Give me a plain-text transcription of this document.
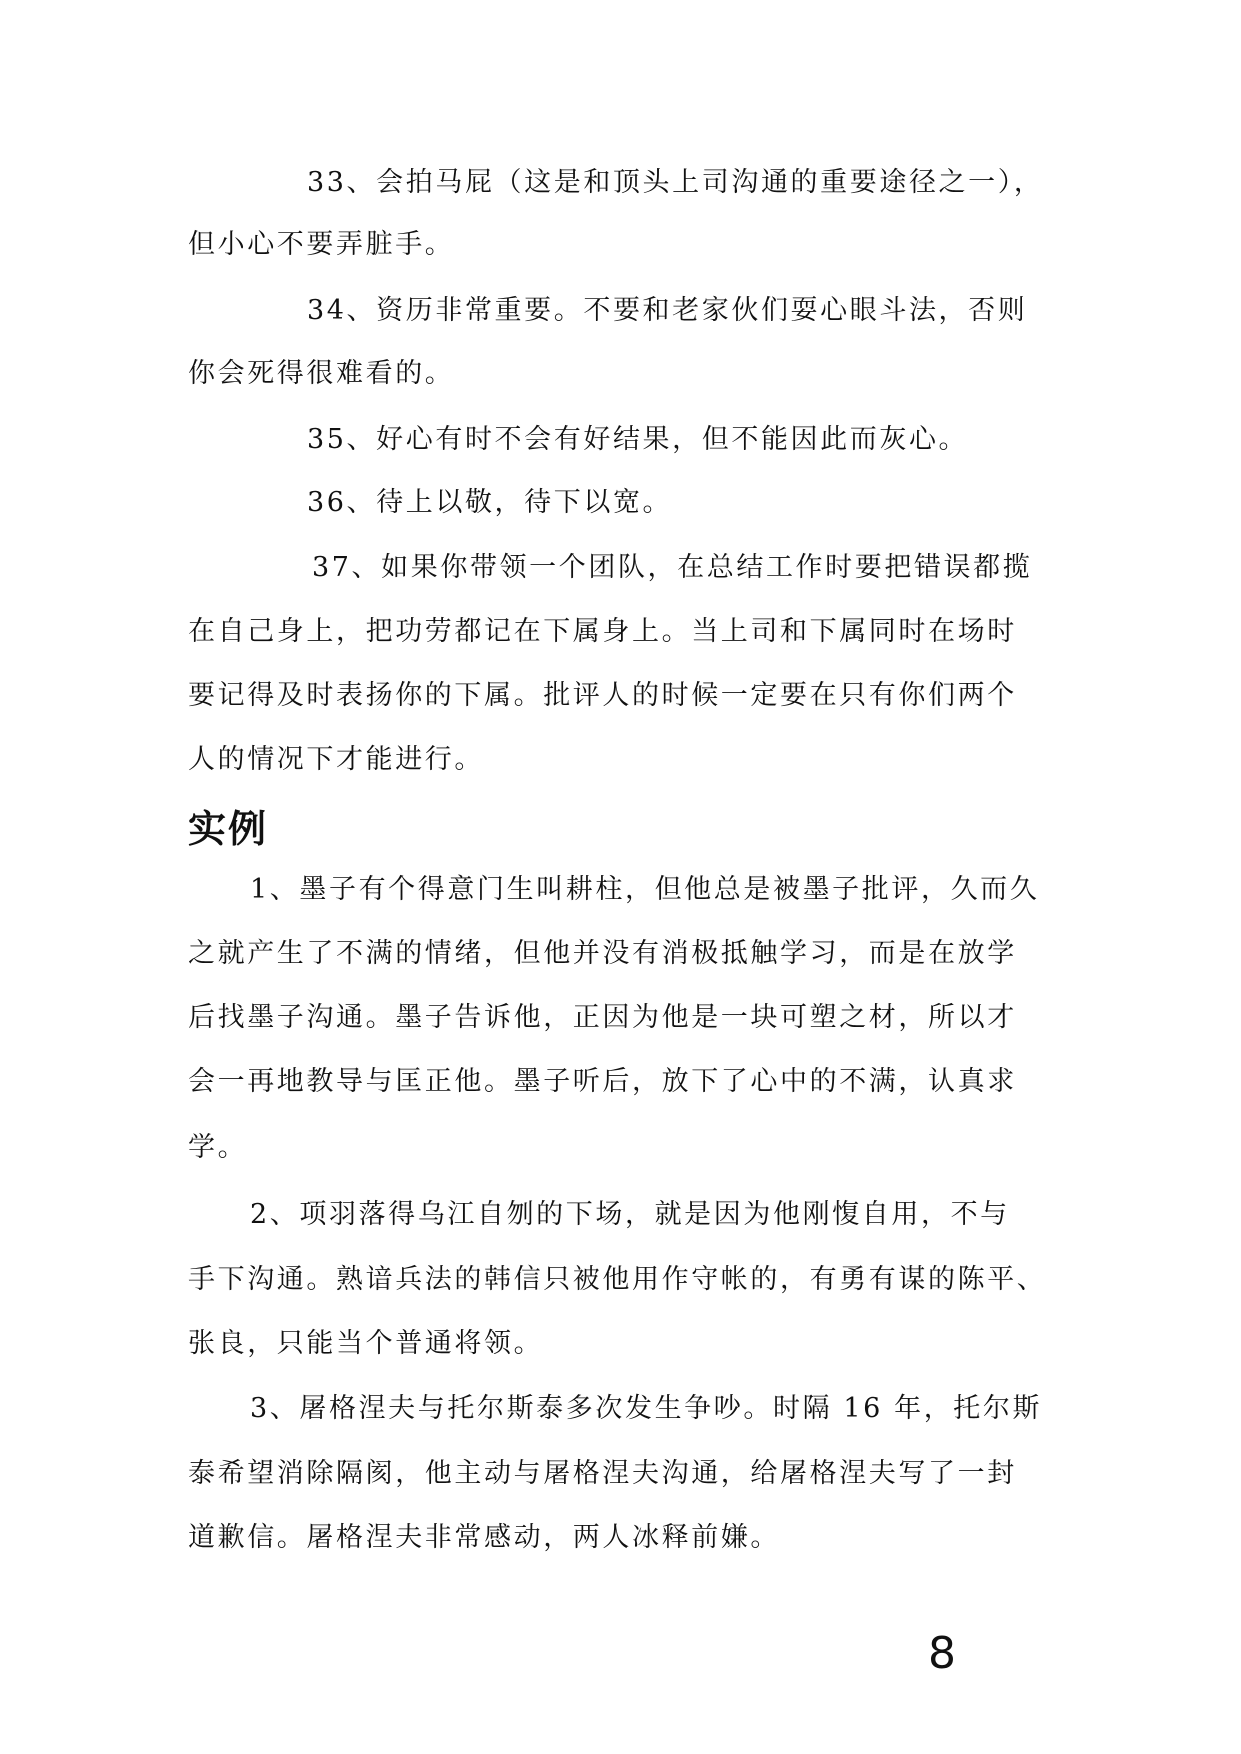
33、会拍马屁（这是和顶头上司沟通的重要途径之一），
但小心不要弄脏手。
34、资历非常重要。不要和老家伙们耍心眼斗法，否则
你会死得很难看的。
35、好心有时不会有好结果，但不能因此而灰心。
36、待上以敬，待下以宽。
37、如果你带领一个团队，在总结工作时要把错误都揽
在自己身上，把功劳都记在下属身上。当上司和下属同时在场时
要记得及时表扬你的下属。批评人的时候一定要在只有你们两个
人的情况下才能进行。
实例
1、墨子有个得意门生叫耕柱，但他总是被墨子批评，久而久
之就产生了不满的情绪，但他并没有消极抵触学习，而是在放学
后找墨子沟通。墨子告诉他，正因为他是一块可塑之材，所以才
会一再地教导与匡正他。墨子听后，放下了心中的不满，认真求
学。
2、项羽落得乌江自刎的下场，就是因为他刚愎自用，不与
手下沟通。熟谙兵法的韩信只被他用作守帐的，有勇有谋的陈平、
张良，只能当个普通将领。
3、屠格涅夫与托尔斯泰多次发生争吵。时隔 16 年，托尔斯
泰希望消除隔阂，他主动与屠格涅夫沟通，给屠格涅夫写了一封
道歉信。屠格涅夫非常感动，两人冰释前嫌。
8
